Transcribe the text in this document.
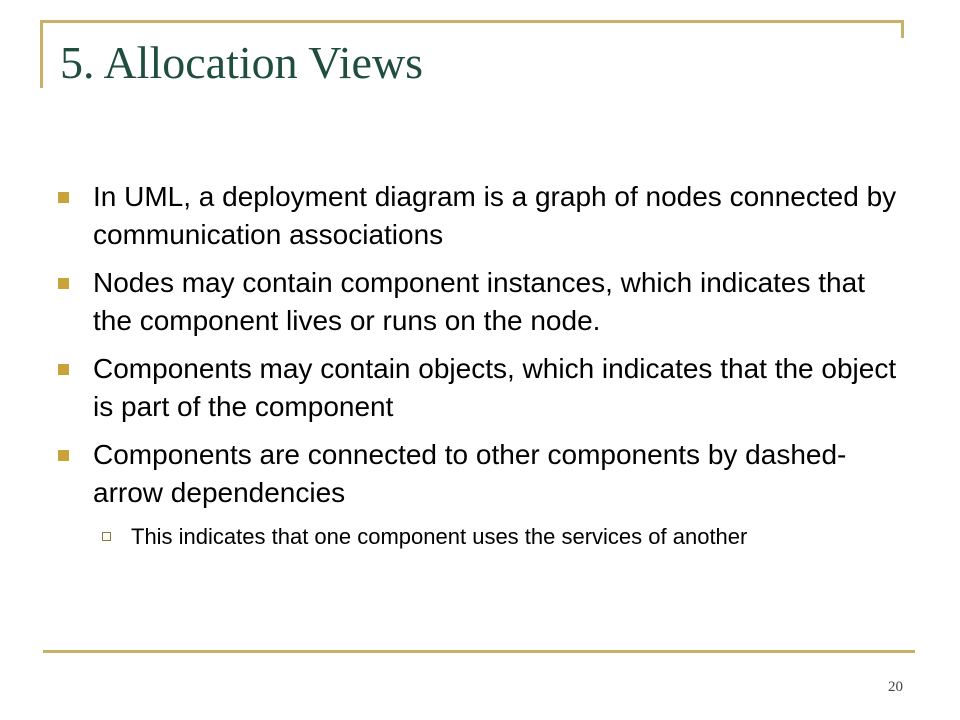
5. Allocation Views
In UML, a deployment diagram is a graph of nodes connected by communication associations
Nodes may contain component instances, which indicates that the component lives or runs on the node.
Components may contain objects, which indicates that the object is part of the component
Components are connected to other components by dashed-arrow dependencies
This indicates that one component uses the services of another
20
